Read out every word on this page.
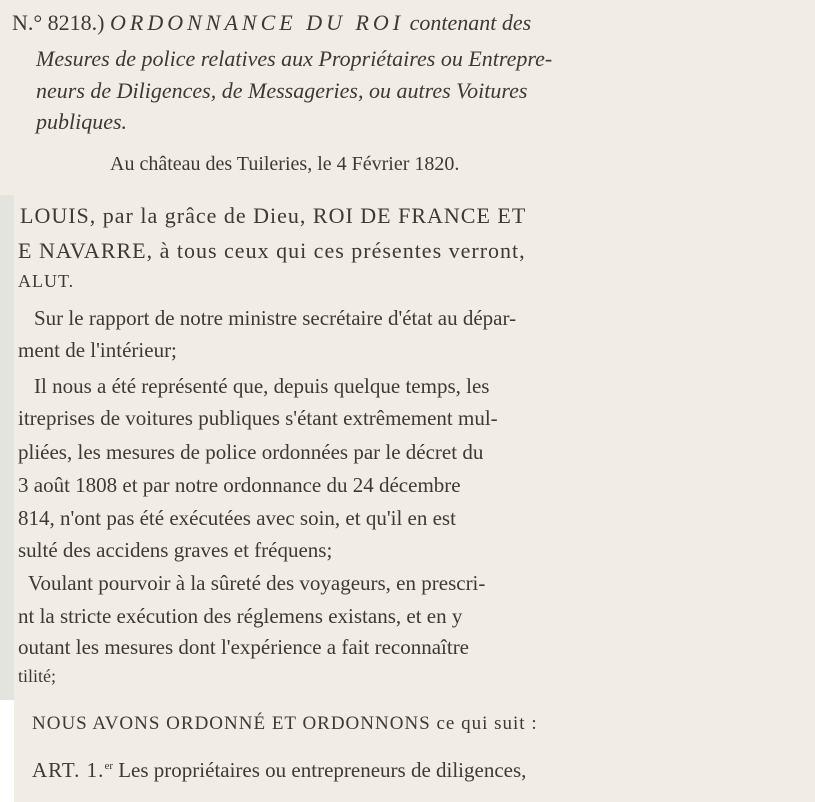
N.° 8218.) ORDONNANCE DU ROI contenant des
Mesures de police relatives aux Propriétaires ou Entrepre-
neurs de Diligences, de Messageries, ou autres Voitures
publiques.
Au château des Tuileries, le 4 Février 1820.
LOUIS, par la grâce de Dieu, ROI DE FRANCE ET
E NAVARRE, à tous ceux qui ces présentes verront,
ALUT.
Sur le rapport de notre ministre secrétaire d'état au dépar-
ment de l'intérieur;
Il nous a été représenté que, depuis quelque temps, les
itreprises de voitures publiques s'étant extrêmement mul-
pliées, les mesures de police ordonnées par le décret du
3 août 1808 et par notre ordonnance du 24 décembre
814, n'ont pas été exécutées avec soin, et qu'il en est
sulté des accidens graves et fréquens;
Voulant pourvoir à la sûreté des voyageurs, en prescri-
nt la stricte exécution des réglemens existans, et en y
outant les mesures dont l'expérience a fait reconnaître
tilité;
NOUS AVONS ORDONNÉ ET ORDONNONS ce qui suit :
ART. 1.$^{er}$ Les propriétaires ou entrepreneurs de diligences,
